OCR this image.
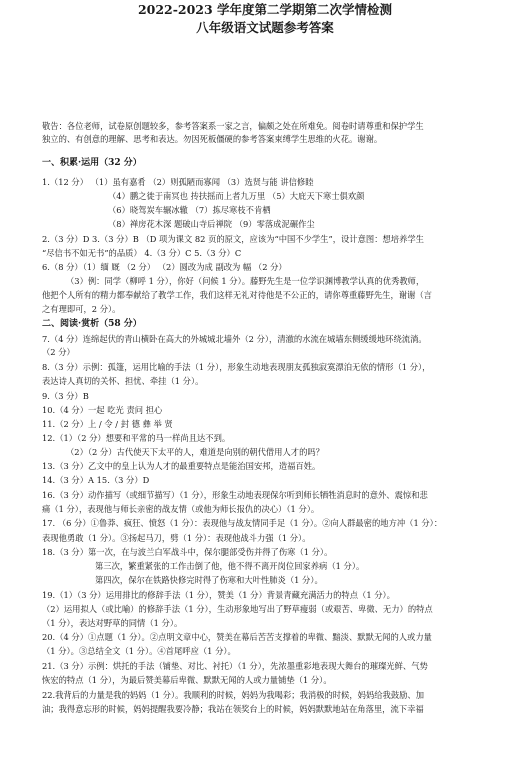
2022-2023 学年度第二学期第二次学情检测
八年级语文试题参考答案
敬告：各位老师，试卷原创题较多，参考答案系一家之言，偏颇之处在所难免。阅卷时请尊重和保护学生
独立的、有创意的理解、思考和表达。勿因死板僵硬的参考答案束缚学生思维的火花。谢谢。
一、积累·运用（32 分）
1.（12 分） （1）虽有嘉肴 （2）则孤陋而寡闻 （3）选贤与能 讲信修睦
（4）鹏之徙于南冥也 抟扶摇而上者九万里 （5）大庇天下寒士俱欢颜
（6）晓驾炭车辗冰辙 （7）拣尽寒枝不肯栖
（8）禅房花木深 题破山寺后禅院 （9）零落成泥碾作尘
2.（3 分）D 3.（3 分）B （D 项为课文 82 页的原文，应该为“中国不少学生”，设计意图：想培养学生
“尽信书不如无书”的品质） 4.（3 分）C 5.（3 分）C
6.（8 分）（1）缅 厩 （2 分） （2）圆改为成 副改为 幅 （2 分）
（3）例：同学（柳呼 1 分），你好（问候 1 分）。藤野先生是一位学识渊博教学认真的优秀教师，
他把个人所有的精力都奉献给了教学工作，我们这样无礼对待他是不公正的，请你尊重藤野先生，谢谢（言
之有理即可，2 分）。
二、阅读·赏析（58 分）
7.（4 分）连绵起伏的青山横卧在高大的外城城北墙外（2 分），清澈的水流在城墙东侧缓缓地环绕流淌。
（2 分）
8.（3 分）示例：孤篷，运用比喻的手法（1 分），形象生动地表现朋友孤独寂寞漂泊无依的情形（1 分），
表达诗人真切的关怀、担忧、牵挂（1 分）。
9.（3 分）B
10.（4 分）一起 吃光 责问 担心
11.（2 分）上 / 令 / 封 德 彝 举 贤
12.（1）（2 分）想要和平常的马一样尚且达不到。
（2）（2 分）古代使天下太平的人，难道是向别的朝代借用人才的吗？
13.（3 分）乙文中的皇上认为人才的最重要特点是能治国安邦，造福百姓。
14.（3 分）A 15.（3 分）D
16.（3 分）动作描写（或细节描写）（1 分），形象生动地表现保尔听到师长牺牲消息时的意外、震惊和悲
痛（1 分），表现他与师长亲密的战友情（或他为师长报仇的决心）（1 分）。
17. （6 分）①鲁莽、疯狂、愤怒（1 分）：表现他与战友情同手足（1 分）。②向人群最密的地方冲（1 分）：
表现他勇敢（1 分）。③扬起马刀，劈（1 分）：表现他战斗力强（1 分）。
18.（3 分）第一次，在与波兰白军战斗中，保尔腿部受伤并得了伤寒（1 分）。
第三次，繁重紧张的工作击倒了他，他不得不离开岗位回家养病（1 分）。
第四次，保尔在铁路快修完时得了伤寒和大叶性肺炎（1 分）。
19.（1）（3 分）运用排比的修辞手法（1 分），赞美（1 分）背景青藏充满活力的特点（1 分）。
（2）运用拟人（或比喻）的修辞手法（1 分），生动形象地写出了野草瘦弱（或艰苦、卑微、无力）的特点
（1 分），表达对野草的同情（1 分）。
20.（4 分）①点题（1 分）。②点明文章中心，赞美在幕后苦苦支撑着的卑微、黯淡、默默无闻的人或力量
（1 分）。③总结全文（1 分）。④首尾呼应（1 分）。
21.（3 分）示例：烘托的手法（铺垫、对比、衬托）（1 分），先浓墨重彩地表现大舞台的璀璨光鲜、气势
恢宏的特点（1 分），为最后赞美幕后卑微、默默无闻的人或力量铺垫（1 分）。
22.我背后的力量是我的妈妈（1 分）。我顺利的时候，妈妈为我喝彩；我消极的时候，妈妈给我鼓励、加
油；我得意忘形的时候，妈妈提醒我要冷静；我站在领奖台上的时候，妈妈默默地站在角落里，流下幸福
